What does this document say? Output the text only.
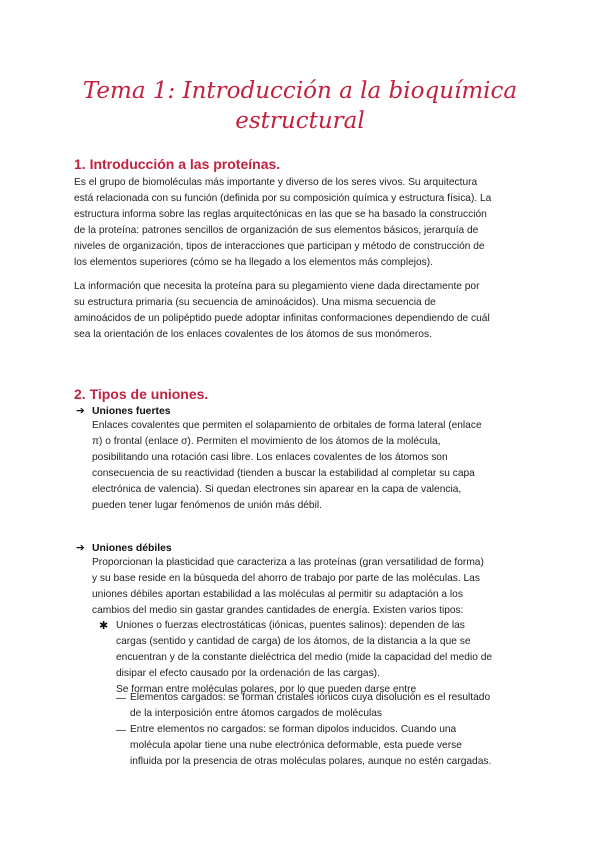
Tema 1: Introducción a la bioquímica
estructural
1. Introducción a las proteínas.
Es el grupo de biomoléculas más importante y diverso de los seres vivos. Su arquitectura
está relacionada con su función (definida por su composición química y estructura física). La
estructura informa sobre las reglas arquitectónicas en las que se ha basado la construcción
de la proteína: patrones sencillos de organización de sus elementos básicos, jerarquía de
niveles de organización, tipos de interacciones que participan y método de construcción de
los elementos superiores (cómo se ha llegado a los elementos más complejos).
La información que necesita la proteína para su plegamiento viene dada directamente por
su estructura primaria (su secuencia de aminoácidos). Una misma secuencia de
aminoácidos de un polipéptido puede adoptar infinitas conformaciones dependiendo de cuál
sea la orientación de los enlaces covalentes de los átomos de sus monómeros.
2. Tipos de uniones.
➔ Uniones fuertes
Enlaces covalentes que permiten el solapamiento de orbitales de forma lateral (enlace
π) o frontal (enlace σ). Permiten el movimiento de los átomos de la molécula,
posibilitando una rotación casi libre. Los enlaces covalentes de los átomos son
consecuencia de su reactividad (tienden a buscar la estabilidad al completar su capa
electrónica de valencia). Si quedan electrones sin aparear en la capa de valencia,
pueden tener lugar fenómenos de unión más débil.
➔ Uniones débiles
Proporcionan la plasticidad que caracteriza a las proteínas (gran versatilidad de forma)
y su base reside en la búsqueda del ahorro de trabajo por parte de las moléculas. Las
uniones débiles aportan estabilidad a las moléculas al permitir su adaptación a los
cambios del medio sin gastar grandes cantidades de energía. Existen varios tipos:
✱ Uniones o fuerzas electrostáticas (iónicas, puentes salinos): dependen de las
cargas (sentido y cantidad de carga) de los átomos, de la distancia a la que se
encuentran y de la constante dieléctrica del medio (mide la capacidad del medio de
disipar el efecto causado por la ordenación de las cargas).
Se forman entre moléculas polares, por lo que pueden darse entre
— Elementos cargados: se forman cristales iónicos cuya disolución es el resultado
de la interposición entre átomos cargados de moléculas
— Entre elementos no cargados: se forman dipolos inducidos. Cuando una
molécula apolar tiene una nube electrónica deformable, esta puede verse
influida por la presencia de otras moléculas polares, aunque no estén cargadas.
